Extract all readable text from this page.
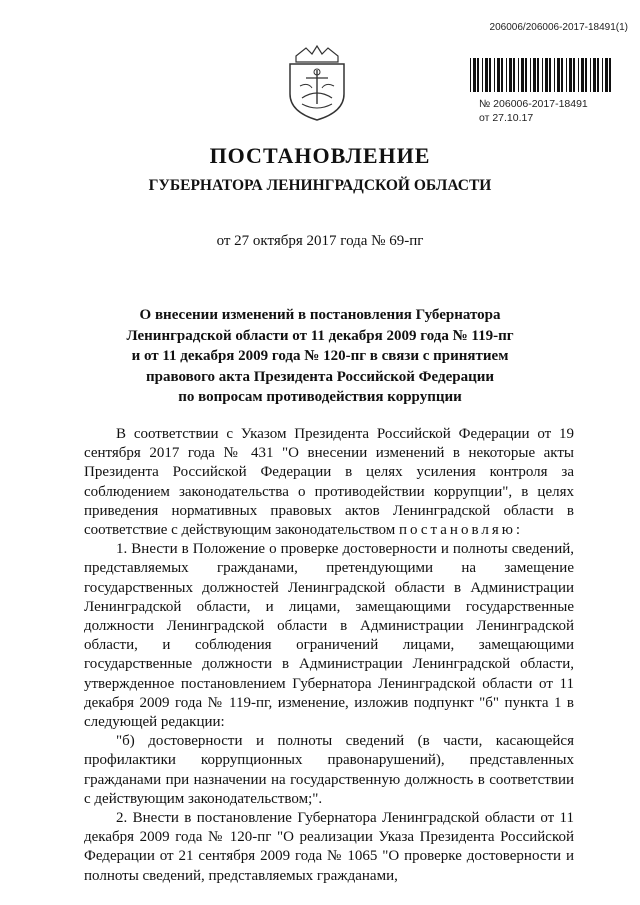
206006/206006-2017-18491(1)
№ 206006-2017-18491
от 27.10.17
ПОСТАНОВЛЕНИЕ
ГУБЕРНАТОРА ЛЕНИНГРАДСКОЙ ОБЛАСТИ
от 27 октября 2017 года № 69-пг
О внесении изменений в постановления Губернатора
Ленинградской области от 11 декабря 2009 года № 119-пг
и от 11 декабря 2009 года № 120-пг в связи с принятием
правового акта Президента Российской Федерации
по вопросам противодействия коррупции

В соответствии с Указом Президента Российской Федерации от 19 сентября 2017 года № 431 "О внесении изменений в некоторые акты Президента Российской Федерации в целях усиления контроля за соблюдением законодательства о противодействии коррупции", в целях приведения нормативных правовых актов Ленинградской области в соответствие с действующим законодательством постановляю:

1. Внести в Положение о проверке достоверности и полноты сведений, представляемых гражданами, претендующими на замещение государственных должностей Ленинградской области в Администрации Ленинградской области, и лицами, замещающими государственные должности Ленинградской области в Администрации Ленинградской области, и соблюдения ограничений лицами, замещающими государственные должности в Администрации Ленинградской области, утвержденное постановлением Губернатора Ленинградской области от 11 декабря 2009 года № 119-пг, изменение, изложив подпункт "б" пункта 1 в следующей редакции:

"б) достоверности и полноты сведений (в части, касающейся профилактики коррупционных правонарушений), представленных гражданами при назначении на государственную должность в соответствии с действующим законодательством;".

2. Внести в постановление Губернатора Ленинградской области от 11 декабря 2009 года № 120-пг "О реализации Указа Президента Российской Федерации от 21 сентября 2009 года № 1065 "О проверке достоверности и полноты сведений, представляемых гражданами,
